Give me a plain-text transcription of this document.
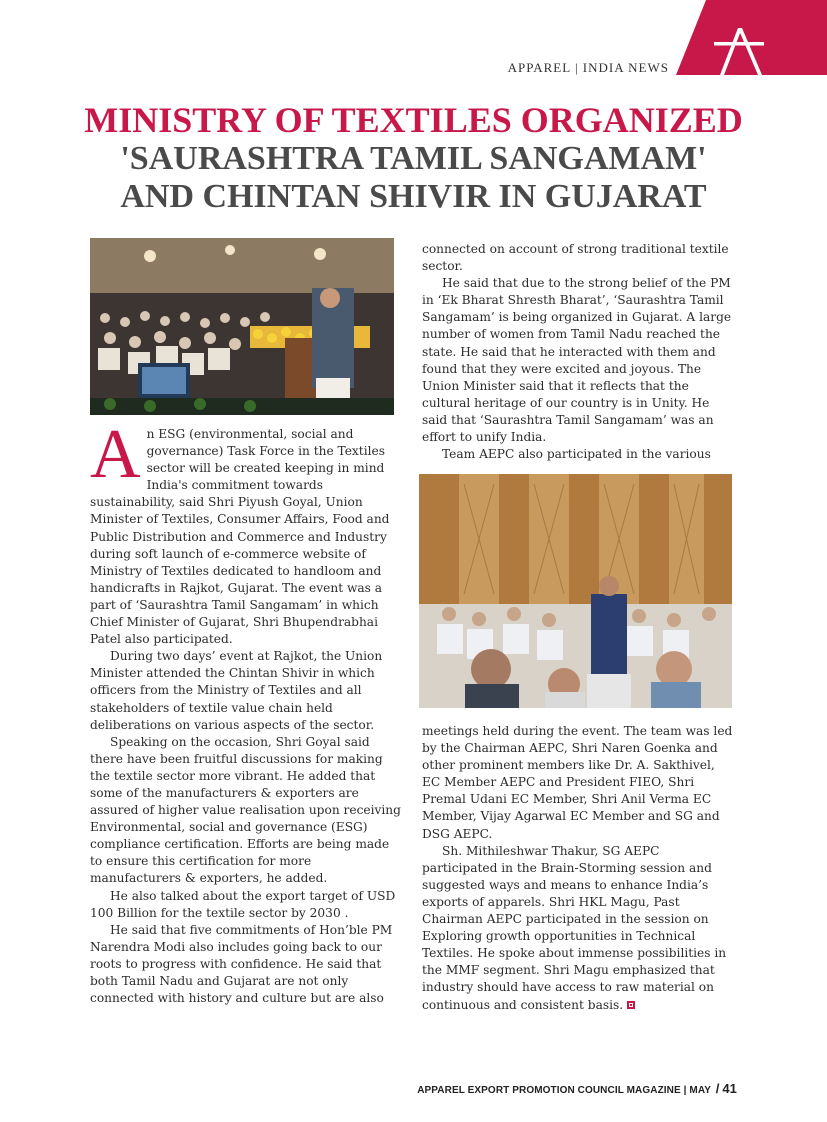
APPAREL | INDIA NEWS
MINISTRY OF TEXTILES ORGANIZED
'SAURASHTRA TAMIL SANGAMAM'
AND CHINTAN SHIVIR IN GUJARAT

An ESG (environmental, social and governance) Task Force in the Textiles sector will be created keeping in mind India's commitment towards sustainability, said Shri Piyush Goyal, Union Minister of Textiles, Consumer Affairs, Food and Public Distribution and Commerce and Industry during soft launch of e-commerce website of Ministry of Textiles dedicated to handloom and handicrafts in Rajkot, Gujarat. The event was a part of ‘Saurashtra Tamil Sangamam’ in which Chief Minister of Gujarat, Shri Bhupendrabhai Patel also participated.

During two days’ event at Rajkot, the Union Minister attended the Chintan Shivir in which officers from the Ministry of Textiles and all stakeholders of textile value chain held deliberations on various aspects of the sector.

Speaking on the occasion, Shri Goyal said there have been fruitful discussions for making the textile sector more vibrant. He added that some of the manufacturers & exporters are assured of higher value realisation upon receiving Environmental, social and governance (ESG) compliance certification. Efforts are being made to ensure this certification for more manufacturers & exporters, he added.

He also talked about the export target of USD 100 Billion for the textile sector by 2030 .

He said that five commitments of Hon’ble PM Narendra Modi also includes going back to our roots to progress with confidence. He said that both Tamil Nadu and Gujarat are not only connected with history and culture but are also

connected on account of strong traditional textile sector.

He said that due to the strong belief of the PM in ‘Ek Bharat Shresth Bharat’, ‘Saurashtra Tamil Sangamam’ is being organized in Gujarat. A large number of women from Tamil Nadu reached the state. He said that he interacted with them and found that they were excited and joyous. The Union Minister said that it reflects that the cultural heritage of our country is in Unity. He said that ‘Saurashtra Tamil Sangamam’ was an effort to unify India.

Team AEPC also participated in the various

meetings held during the event. The team was led by the Chairman AEPC, Shri Naren Goenka and other prominent members like Dr. A. Sakthivel, EC Member AEPC and President FIEO, Shri Premal Udani EC Member, Shri Anil Verma EC Member, Vijay Agarwal EC Member and SG and DSG AEPC.

Sh. Mithileshwar Thakur, SG AEPC participated in the Brain-Storming session and suggested ways and means to enhance India’s exports of apparels. Shri HKL Magu, Past Chairman AEPC participated in the session on Exploring growth opportunities in Technical Textiles. He spoke about immense possibilities in the MMF segment. Shri Magu emphasized that industry should have access to raw material on continuous and consistent basis.

APPAREL EXPORT PROMOTION COUNCIL MAGAZINE | MAY / 41
